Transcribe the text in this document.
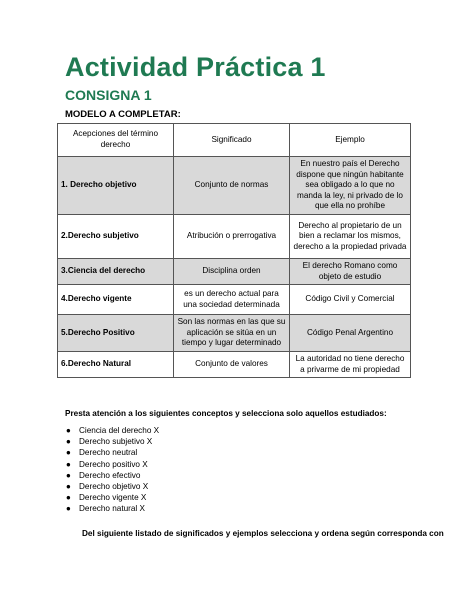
Actividad Práctica 1
CONSIGNA 1

MODELO A COMPLETAR:

Acepciones del término derecho	Significado	Ejemplo
1. Derecho objetivo	Conjunto de normas	En nuestro país el Derecho dispone que ningún habitante sea obligado a lo que no manda la ley, ni privado de lo que ella no prohíbe
2.Derecho subjetivo	Atribución o prerrogativa	Derecho al propietario de un bien a reclamar los mismos, derecho a la propiedad privada
3.Ciencia del derecho	Disciplina orden	El derecho Romano como objeto de estudio
4.Derecho vigente	es un derecho actual para una sociedad determinada	Código Civil y Comercial
5.Derecho Positivo	Son las normas en las que su aplicación se sitúa en un tiempo y lugar determinado	Código Penal Argentino
6.Derecho Natural	Conjunto de valores	La autoridad no tiene derecho a privarme de mi propiedad

Presta atención a los siguientes conceptos y selecciona solo aquellos estudiados:

● Ciencia del derecho X
● Derecho subjetivo X
● Derecho neutral
● Derecho positivo X
● Derecho efectivo
● Derecho objetivo X
● Derecho vigente X
● Derecho natural X

Del siguiente listado de significados y ejemplos selecciona y ordena según corresponda con
